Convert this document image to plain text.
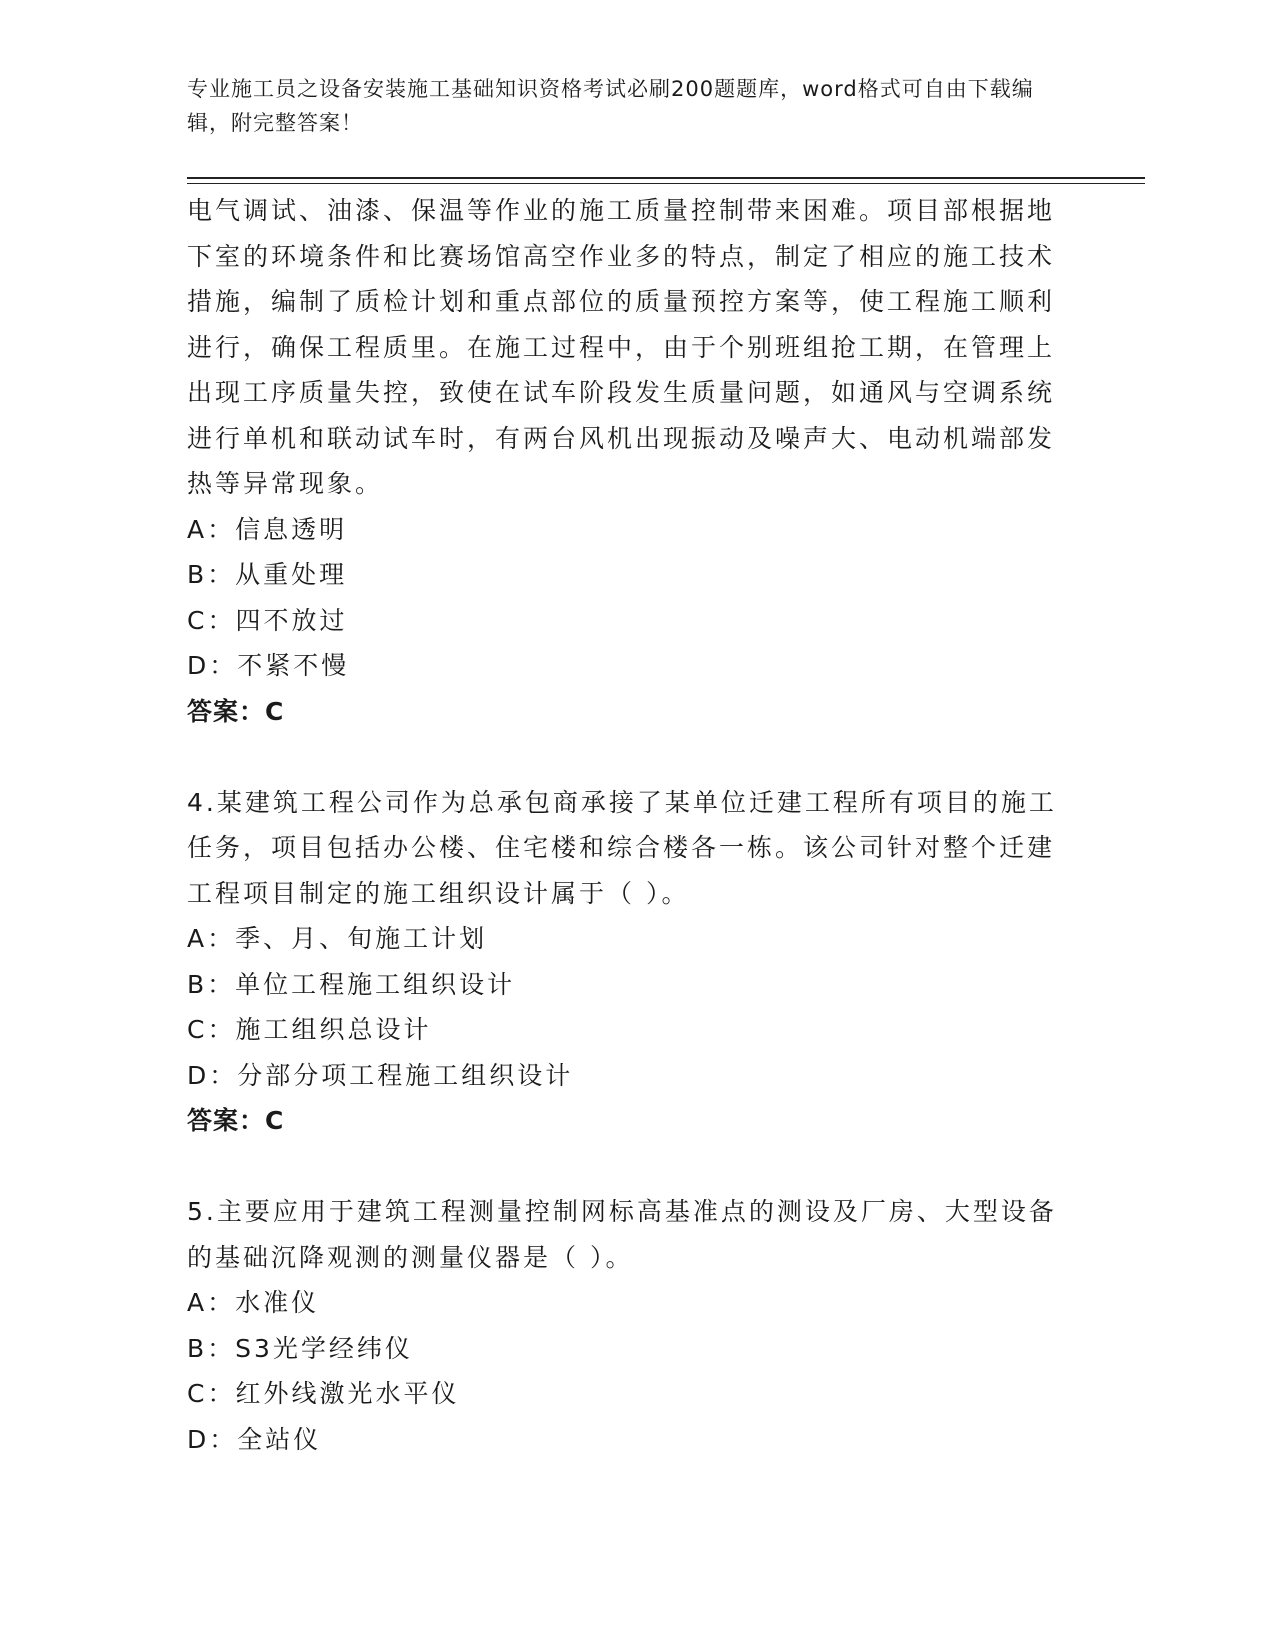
专业施工员之设备安装施工基础知识资格考试必刷200题题库，word格式可自由下载编辑，附完整答案！

电气调试、油漆、保温等作业的施工质量控制带来困难。项目部根据地下室的环境条件和比赛场馆高空作业多的特点，制定了相应的施工技术措施，编制了质检计划和重点部位的质量预控方案等，使工程施工顺利进行，确保工程质里。在施工过程中，由于个别班组抢工期，在管理上出现工序质量失控，致使在试车阶段发生质量问题，如通风与空调系统进行单机和联动试车时，有两台风机出现振动及噪声大、电动机端部发热等异常现象。

A：信息透明

B：从重处理

C：四不放过

D：不紧不慢

答案：C

4.某建筑工程公司作为总承包商承接了某单位迁建工程所有项目的施工任务，项目包括办公楼、住宅楼和综合楼各一栋。该公司针对整个迁建工程项目制定的施工组织设计属于（ ）。

A：季、月、旬施工计划

B：单位工程施工组织设计

C：施工组织总设计

D：分部分项工程施工组织设计

答案：C

5.主要应用于建筑工程测量控制网标高基准点的测设及厂房、大型设备的基础沉降观测的测量仪器是（ ）。

A：水准仪

B：S3光学经纬仪

C：红外线激光水平仪

D：全站仪
